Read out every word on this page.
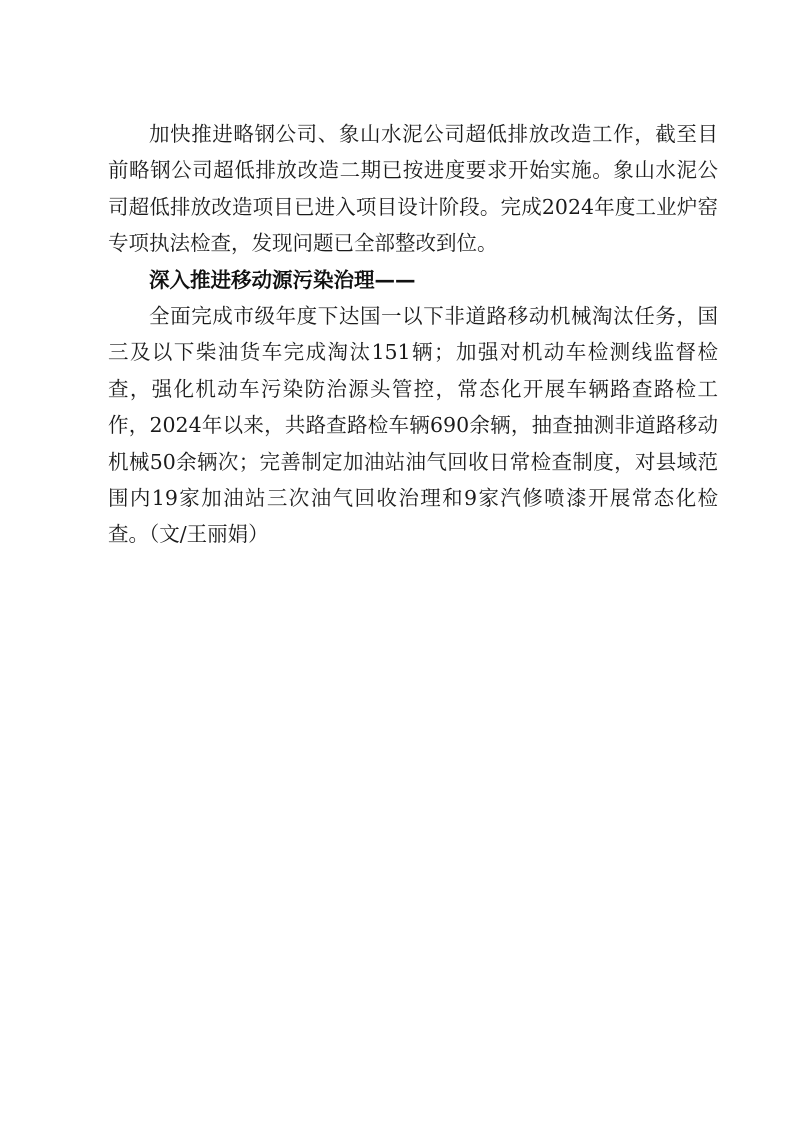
加快推进略钢公司、象山水泥公司超低排放改造工作，截至目前略钢公司超低排放改造二期已按进度要求开始实施。象山水泥公司超低排放改造项目已进入项目设计阶段。完成2024年度工业炉窑专项执法检查，发现问题已全部整改到位。

深入推进移动源污染治理——

全面完成市级年度下达国一以下非道路移动机械淘汰任务，国三及以下柴油货车完成淘汰151辆；加强对机动车检测线监督检查，强化机动车污染防治源头管控，常态化开展车辆路查路检工作，2024年以来，共路查路检车辆690余辆，抽查抽测非道路移动机械50余辆次；完善制定加油站油气回收日常检查制度，对县域范围内19家加油站三次油气回收治理和9家汽修喷漆开展常态化检查。（文/王丽娟）
